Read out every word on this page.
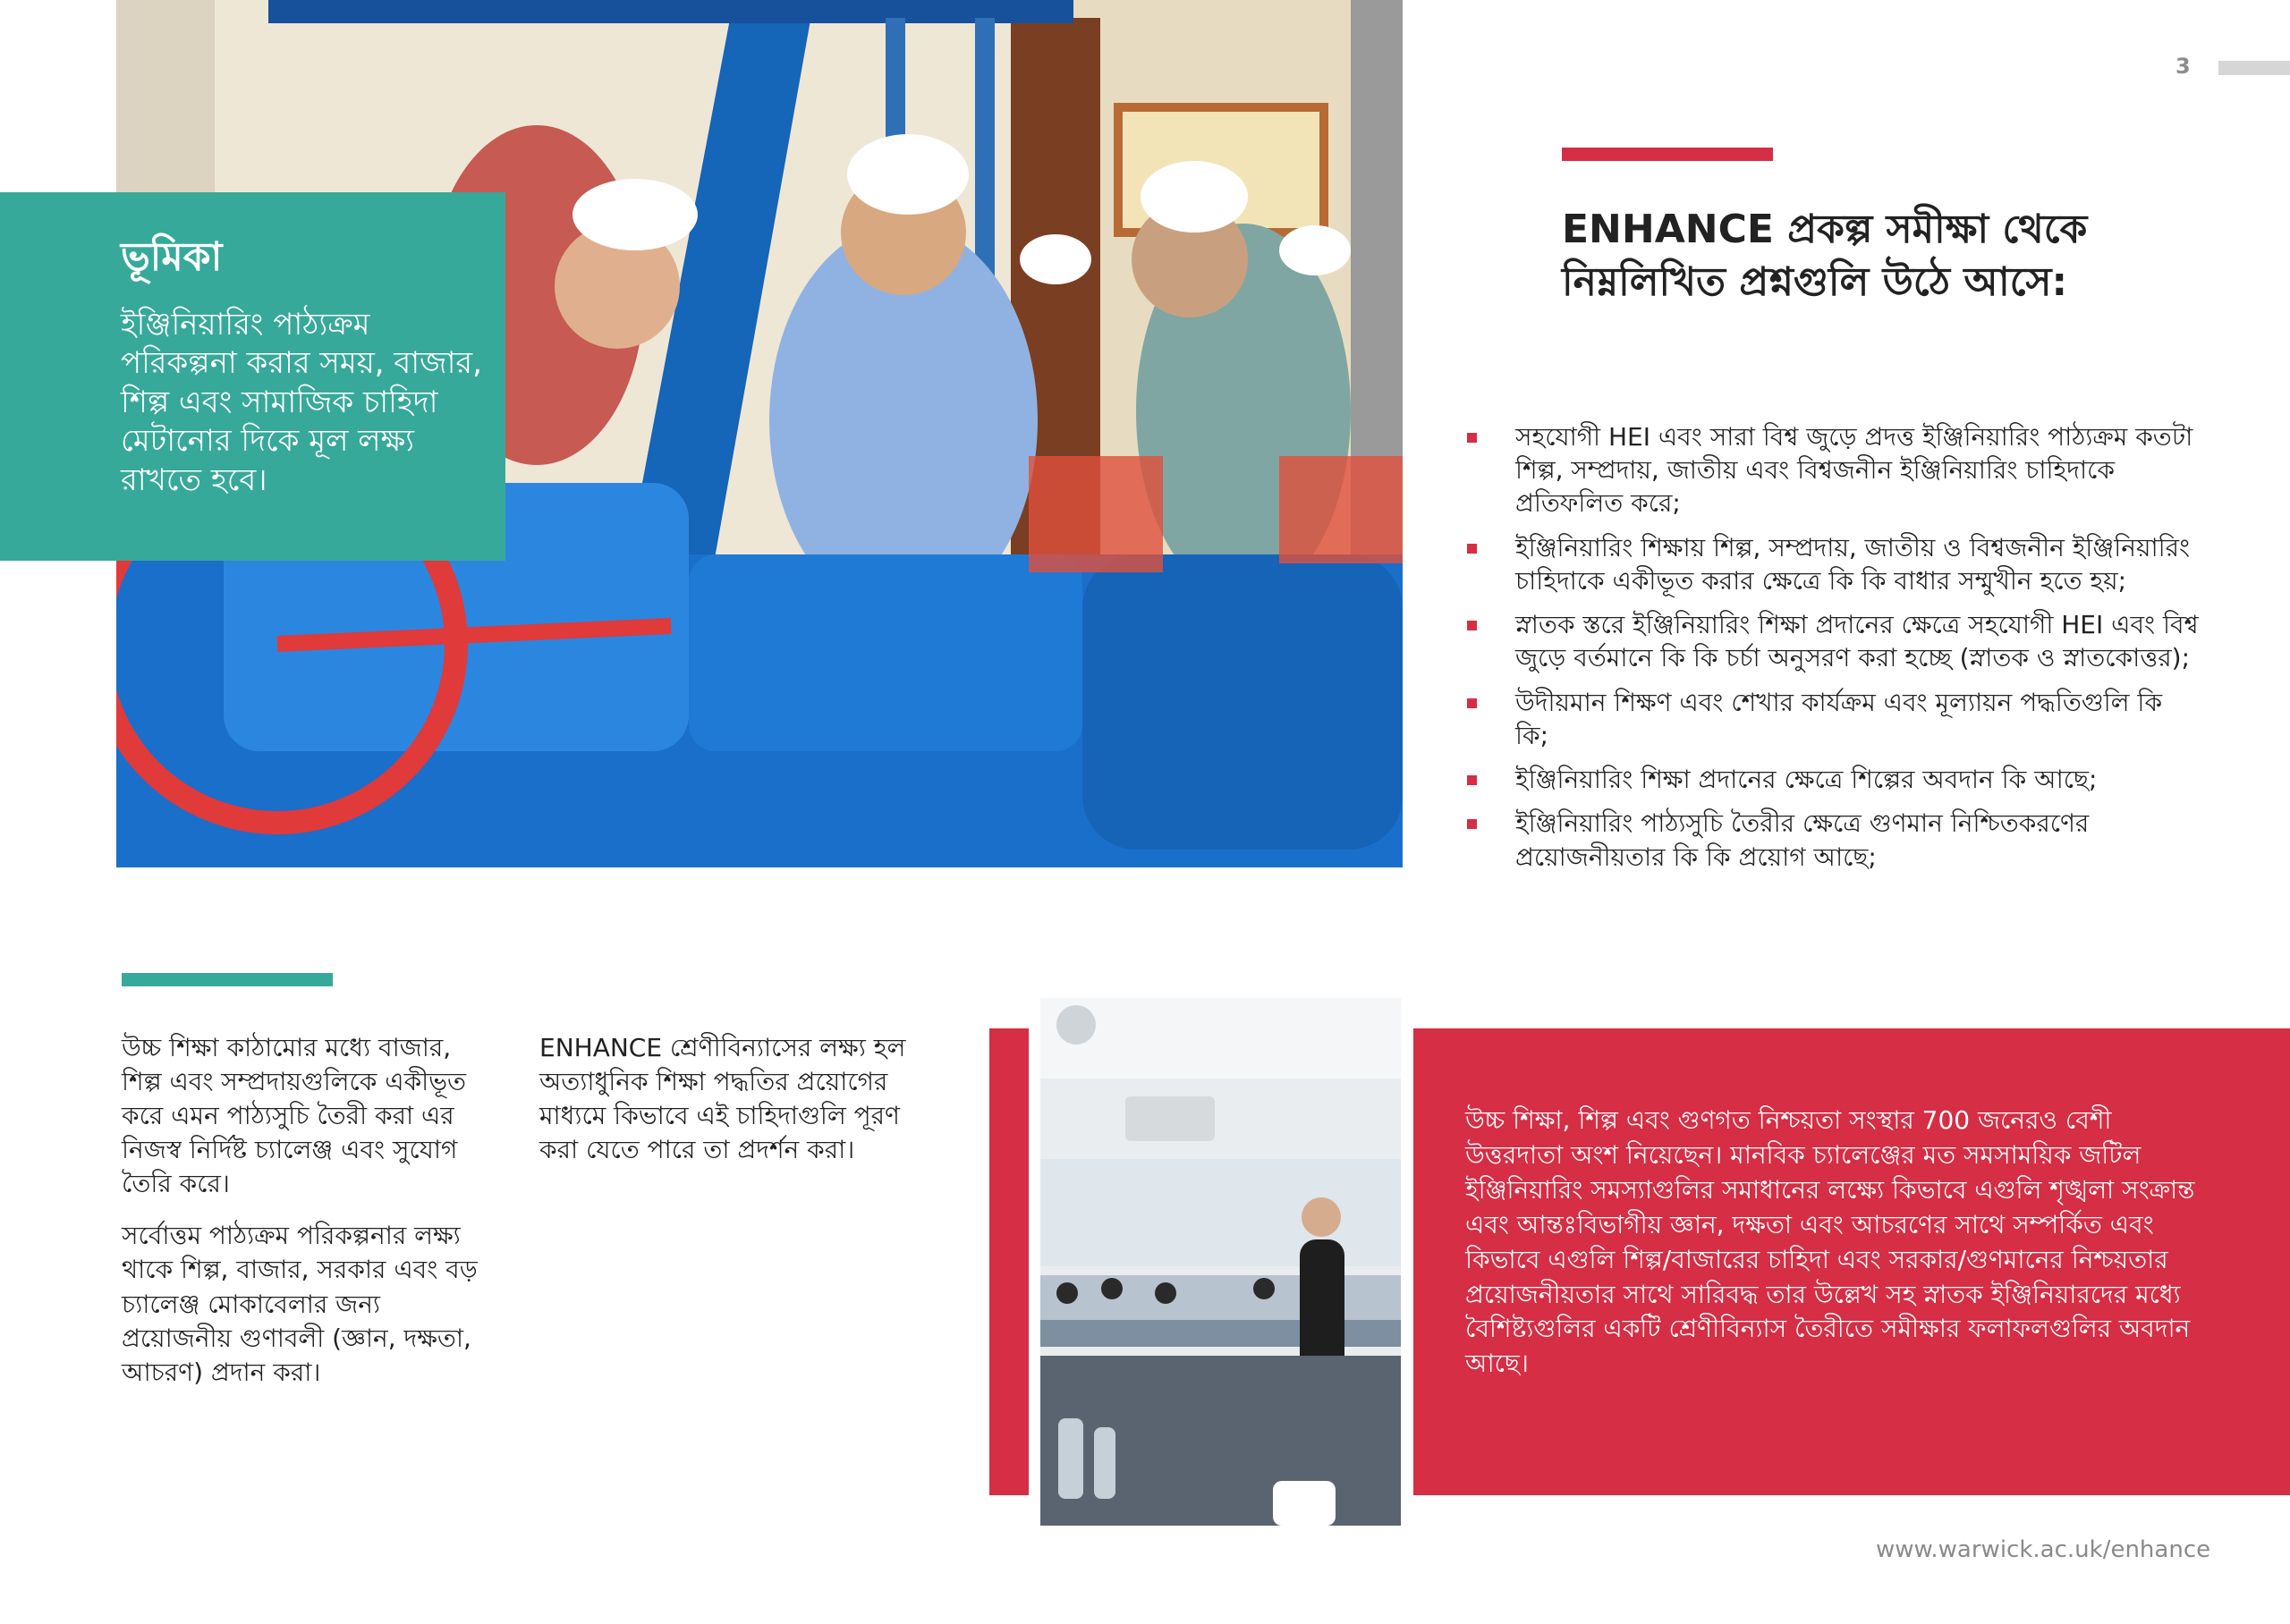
ভূমিকা

ইঞ্জিনিয়ারিং পাঠ্যক্রম পরিকল্পনা করার সময়, বাজার, শিল্প এবং সামাজিক চাহিদা মেটানোর দিকে মূল লক্ষ্য রাখতে হবে।

3
ENHANCE প্রকল্প সমীক্ষা থেকে নিম্নলিখিত প্রশ্নগুলি উঠে আসে:
সহযোগী HEI এবং সারা বিশ্ব জুড়ে প্রদত্ত ইঞ্জিনিয়ারিং পাঠ্যক্রম কতটা শিল্প, সম্প্রদায়, জাতীয় এবং বিশ্বজনীন ইঞ্জিনিয়ারিং চাহিদাকে প্রতিফলিত করে;
ইঞ্জিনিয়ারিং শিক্ষায় শিল্প, সম্প্রদায়, জাতীয় ও বিশ্বজনীন ইঞ্জিনিয়ারিং চাহিদাকে একীভূত করার ক্ষেত্রে কি কি বাধার সম্মুখীন হতে হয়;
স্নাতক স্তরে ইঞ্জিনিয়ারিং শিক্ষা প্রদানের ক্ষেত্রে সহযোগী HEI এবং বিশ্ব জুড়ে বর্তমানে কি কি চর্চা অনুসরণ করা হচ্ছে (স্নাতক ও স্নাতকোত্তর);
উদীয়মান শিক্ষণ এবং শেখার কার্যক্রম এবং মূল্যায়ন পদ্ধতিগুলি কি কি;
ইঞ্জিনিয়ারিং শিক্ষা প্রদানের ক্ষেত্রে শিল্পের অবদান কি আছে;
ইঞ্জিনিয়ারিং পাঠ্যসুচি তৈরীর ক্ষেত্রে গুণমান নিশ্চিতকরণের প্রয়োজনীয়তার কি কি প্রয়োগ আছে;

উচ্চ শিক্ষা কাঠামোর মধ্যে বাজার, শিল্প এবং সম্প্রদায়গুলিকে একীভূত করে এমন পাঠ্যসুচি তৈরী করা এর নিজস্ব নির্দিষ্ট চ্যালেঞ্জ এবং সুযোগ তৈরি করে।

সর্বোত্তম পাঠ্যক্রম পরিকল্পনার লক্ষ্য থাকে শিল্প, বাজার, সরকার এবং বড় চ্যালেঞ্জ মোকাবেলার জন্য প্রয়োজনীয় গুণাবলী (জ্ঞান, দক্ষতা, আচরণ) প্রদান করা।

ENHANCE শ্রেণীবিন্যাসের লক্ষ্য হল অত্যাধুনিক শিক্ষা পদ্ধতির প্রয়োগের মাধ্যমে কিভাবে এই চাহিদাগুলি পূরণ করা যেতে পারে তা প্রদর্শন করা।

উচ্চ শিক্ষা, শিল্প এবং গুণগত নিশ্চয়তা সংস্থার 700 জনেরও বেশী উত্তরদাতা অংশ নিয়েছেন। মানবিক চ্যালেঞ্জের মত সমসাময়িক জটিল ইঞ্জিনিয়ারিং সমস্যাগুলির সমাধানের লক্ষ্যে কিভাবে এগুলি শৃঙ্খলা সংক্রান্ত এবং আন্তঃবিভাগীয় জ্ঞান, দক্ষতা এবং আচরণের সাথে সম্পর্কিত এবং কিভাবে এগুলি শিল্প/বাজারের চাহিদা এবং সরকার/গুণমানের নিশ্চয়তার প্রয়োজনীয়তার সাথে সারিবদ্ধ তার উল্লেখ সহ স্নাতক ইঞ্জিনিয়ারদের মধ্যে বৈশিষ্ট্যগুলির একটি শ্রেণীবিন্যাস তৈরীতে সমীক্ষার ফলাফলগুলির অবদান আছে।

www.warwick.ac.uk/enhance
